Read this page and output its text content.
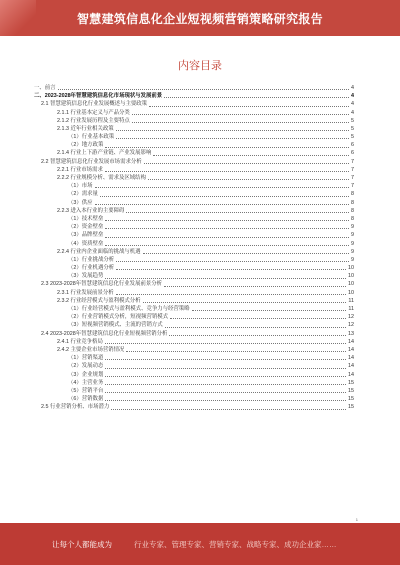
智慧建筑信息化企业短视频营销策略研究报告
内容目录
一、前言	4
二、2023-2028年智慧建筑信息化市场现状与发展前景	4
2.1 智慧建筑信息化行业发展概述与主要政策	4
2.1.1 行业基本定义与产品分类	4
2.1.2 行业发展历程及主要特点	5
2.1.3 近年行业相关政策	5
（1）行业基本政策	5
（2）地方政策	6
2.1.4 行业上下游产业链、产业发展影响	6
2.2 智慧建筑信息化行业发展市场需求分析	7
2.2.1 行业市场需求	7
2.2.2 行业规模分析、需求及区域结构	7
（1）市场	7
（2）需求量	8
（3）供应	8
2.2.3 进入本行业的主要障碍	8
（1）技术壁垒	8
（2）资金壁垒	9
（3）品牌壁垒	9
（4）资质壁垒	9
2.2.4 行业内企业面临的挑战与机遇	9
（1）行业挑战分析	9
（2）行业机遇分析	10
（3）发展趋势	10
2.3 2023-2028年智慧建筑信息化行业发展前景分析	10
2.3.1 行业发展前景分析	10
2.3.2 行业经营模式与盈利模式分析	11
（1）行业经营模式与盈利模式、竞争力与经营策略	11
（2）行业营销模式分析，短视频营销模式	12
（3）短视频营销模式、主流的营销方式	12
2.4 2023-2028年智慧建筑信息化行业短视频营销分析	13
2.4.1 行业竞争格局	14
2.4.2 主要企业市场营销情况	14
（1）营销渠道	14
（2）发展动态	14
（3）企业规划	14
（4）主营业务	15
（5）营销平台	15
（6）营销数据	15
2.5 行业营销分析、市场潜力	15
1
让每个人都能成为	行业专家、管理专家、营销专家、战略专家、成功企业家……
